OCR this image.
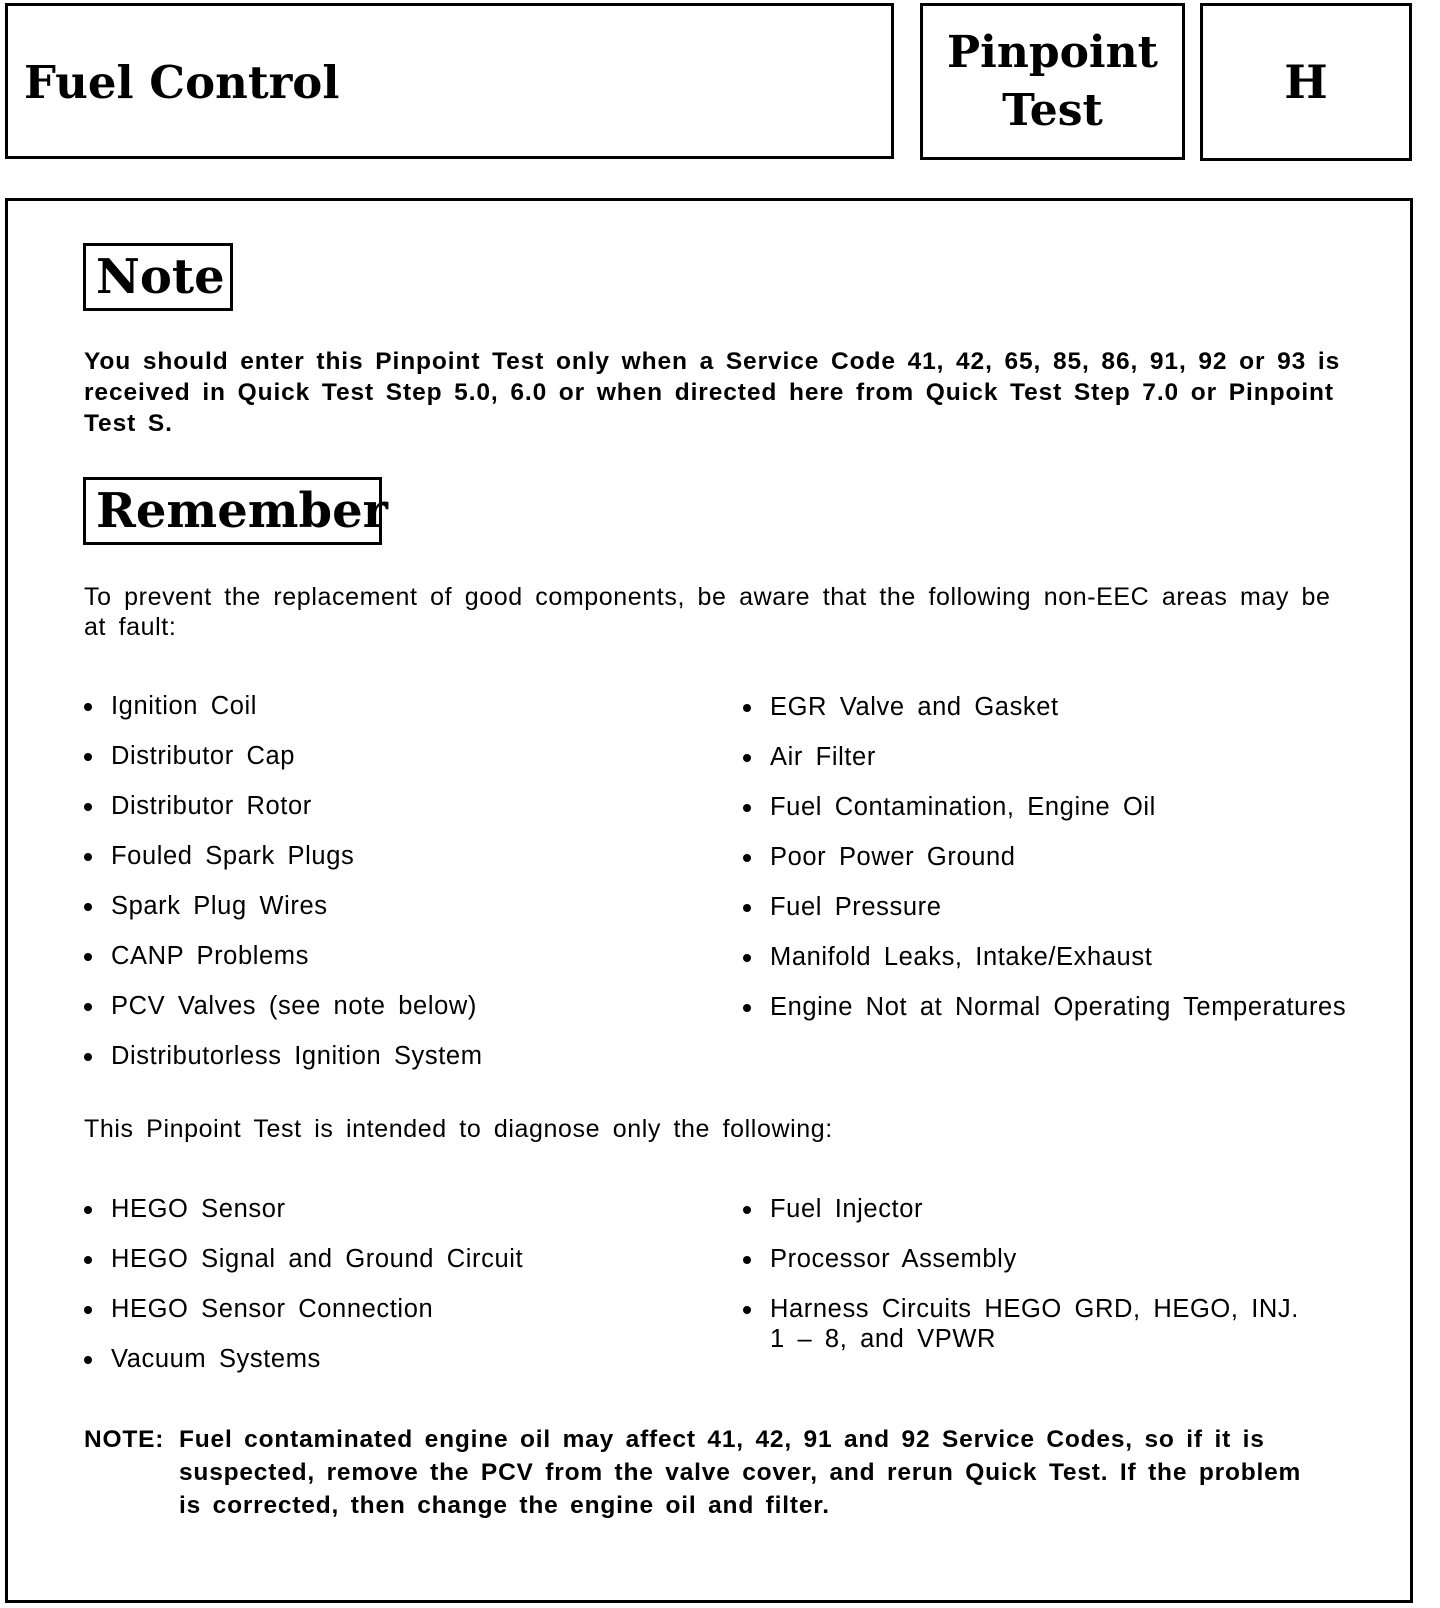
Fuel Control
Pinpoint
Test
H
Note
You should enter this Pinpoint Test only when a Service Code 41, 42, 65, 85, 86, 91, 92 or 93 is received in Quick Test Step 5.0, 6.0 or when directed here from Quick Test Step 7.0 or Pinpoint Test S.
Remember
To prevent the replacement of good components, be aware that the following non-EEC areas may be at fault:
Ignition Coil
Distributor Cap
Distributor Rotor
Fouled Spark Plugs
Spark Plug Wires
CANP Problems
PCV Valves (see note below)
Distributorless Ignition System
EGR Valve and Gasket
Air Filter
Fuel Contamination, Engine Oil
Poor Power Ground
Fuel Pressure
Manifold Leaks, Intake/Exhaust
Engine Not at Normal Operating Temperatures
This Pinpoint Test is intended to diagnose only the following:
HEGO Sensor
HEGO Signal and Ground Circuit
HEGO Sensor Connection
Vacuum Systems
Fuel Injector
Processor Assembly
Harness Circuits HEGO GRD, HEGO, INJ. 1 – 8, and VPWR
NOTE: Fuel contaminated engine oil may affect 41, 42, 91 and 92 Service Codes, so if it is suspected, remove the PCV from the valve cover, and rerun Quick Test. If the problem is corrected, then change the engine oil and filter.
